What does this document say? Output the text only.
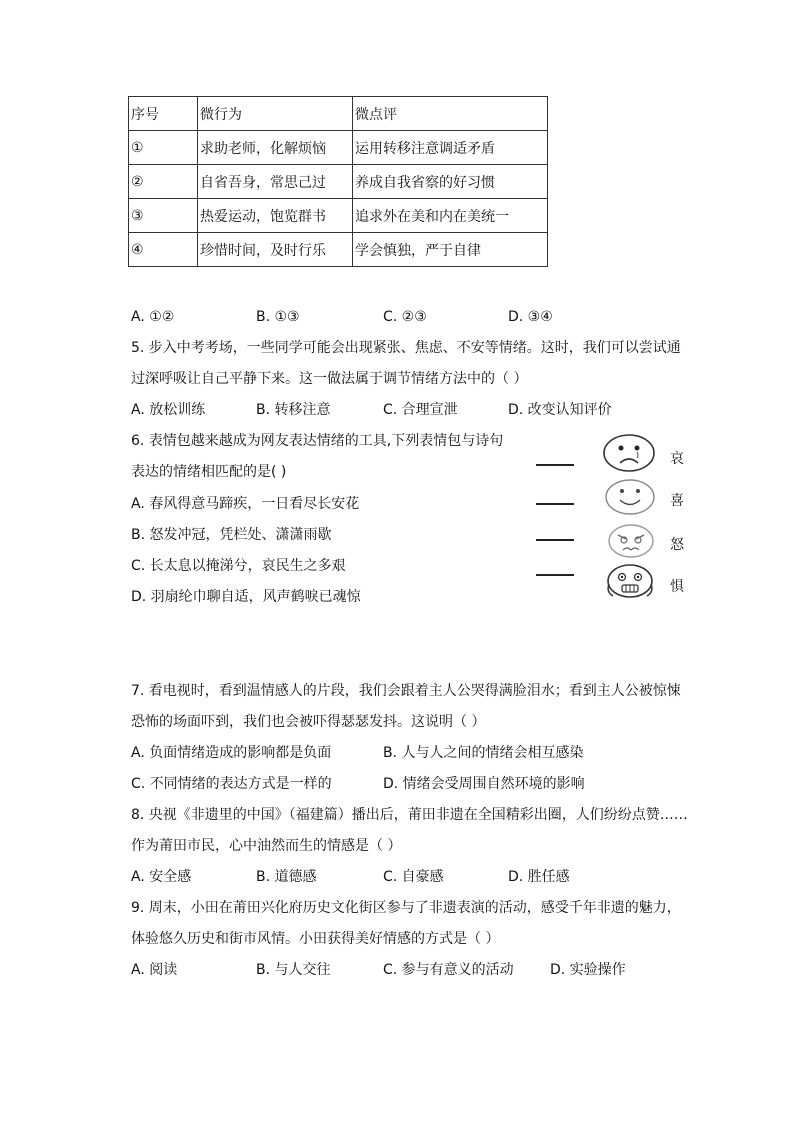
序号	微行为	微点评
①	求助老师，化解烦恼	运用转移注意调适矛盾
②	自省吾身，常思己过	养成自我省察的好习惯
③	热爱运动，饱览群书	追求外在美和内在美统一
④	珍惜时间，及时行乐	学会慎独，严于自律
A. ①②	B. ①③	C. ②③	D. ③④
5. 步入中考考场，一些同学可能会出现紧张、焦虑、不安等情绪。这时，我们可以尝试通
过深呼吸让自己平静下来。这一做法属于调节情绪方法中的（ ）
A. 放松训练	B. 转移注意	C. 合理宣泄	D. 改变认知评价
6. 表情包越来越成为网友表达情绪的工具,下列表情包与诗句
表达的情绪相匹配的是( )
A. 春风得意马蹄疾，一日看尽长安花
B. 怒发冲冠，凭栏处、潇潇雨歇
C. 长太息以掩涕兮，哀民生之多艰
D. 羽扇纶巾聊自适，风声鹤唳已魂惊
哀
喜
怒
惧
7. 看电视时，看到温情感人的片段，我们会跟着主人公哭得满脸泪水；看到主人公被惊悚
恐怖的场面吓到，我们也会被吓得瑟瑟发抖。这说明（ ）
A. 负面情绪造成的影响都是负面	B. 人与人之间的情绪会相互感染
C. 不同情绪的表达方式是一样的	D. 情绪会受周围自然环境的影响
8. 央视《非遗里的中国》（福建篇）播出后，莆田非遗在全国精彩出圈，人们纷纷点赞……
作为莆田市民，心中油然而生的情感是（ ）
A. 安全感	B. 道德感	C. 自豪感	D. 胜任感
9. 周末，小田在莆田兴化府历史文化街区参与了非遗表演的活动，感受千年非遗的魅力，
体验悠久历史和街市风情。小田获得美好情感的方式是（ ）
A. 阅读	B. 与人交往	C. 参与有意义的活动	D. 实验操作
